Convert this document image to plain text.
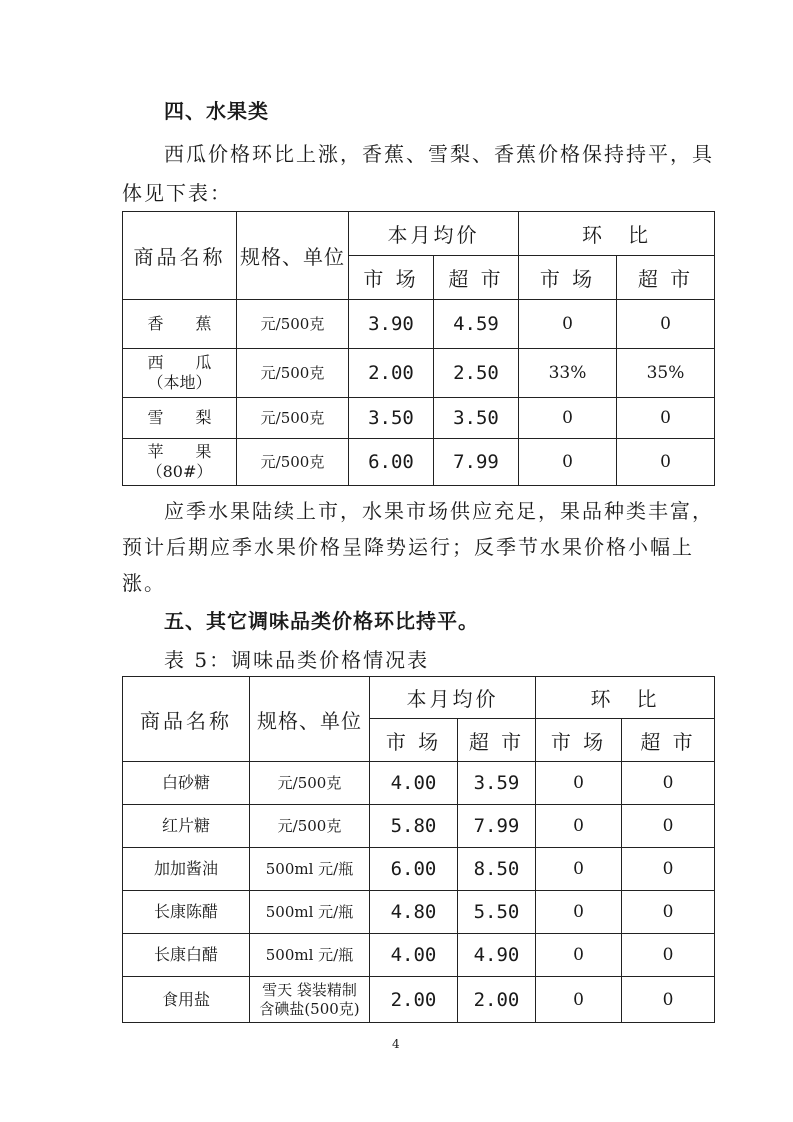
四、水果类
西瓜价格环比上涨，香蕉、雪梨、香蕉价格保持持平，具
体见下表：
商品名称	规格、单位	本月均价		环　比	
		市 场	超 市	市 场	超 市
香　　蕉	元/500克	3.90	4.59	0	0

西　　瓜
（本地）	元/500克	2.00	2.50	33%	35%
雪　　梨	元/500克	3.50	3.50	0	0

苹　　果
（80#）	元/500克	6.00	7.99	0	0
应季水果陆续上市，水果市场供应充足，果品种类丰富，
预计后期应季水果价格呈降势运行；反季节水果价格小幅上
涨。
五、其它调味品类价格环比持平。
表 5：调味品类价格情况表
商品名称	规格、单位	本月均价		环　比	
		市 场	超 市	市 场	超 市
白砂糖	元/500克	4.00	3.59	0	0
红片糖	元/500克	5.80	7.99	0	0
加加酱油	500ml 元/瓶	6.00	8.50	0	0
长康陈醋	500ml 元/瓶	4.80	5.50	0	0
长康白醋	500ml 元/瓶	4.00	4.90	0	0
食用盐	雪天 袋装精制
含碘盐(500克)	2.00	2.00	0	0
4
